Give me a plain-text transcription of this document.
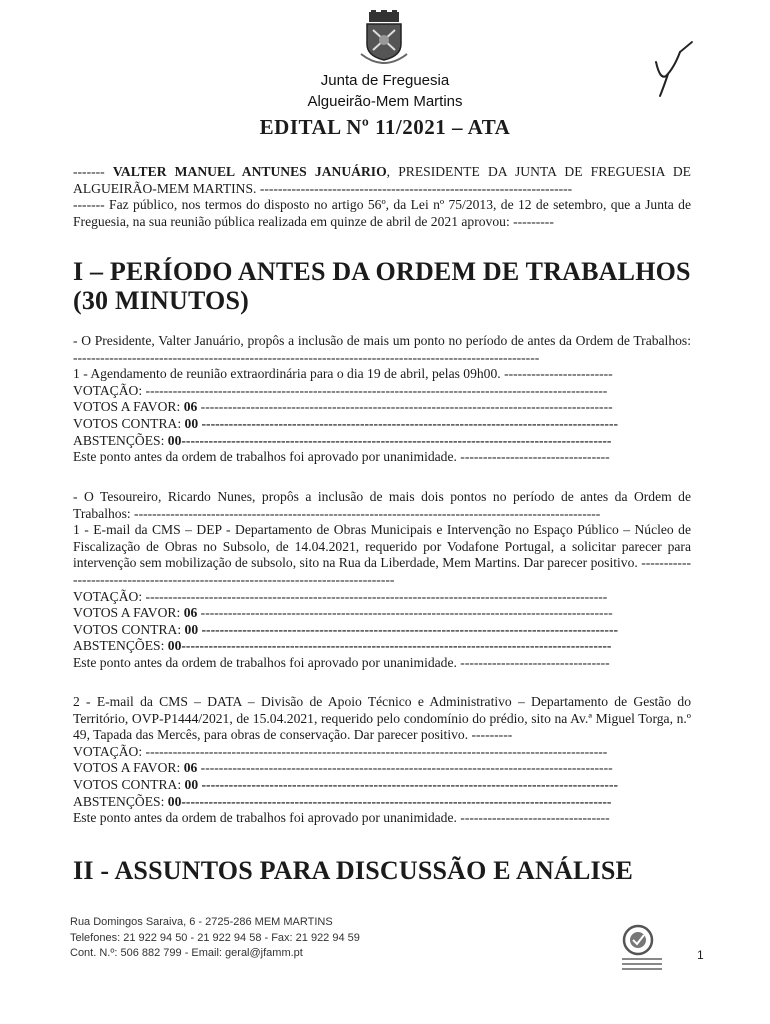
Junta de Freguesia
Algueirão-Mem Martins
EDITAL Nº 11/2021 – ATA

------- VALTER MANUEL ANTUNES JANUÁRIO, PRESIDENTE DA JUNTA DE FREGUESIA DE ALGUEIRÃO-MEM MARTINS. ---------------------------------------------------------------------

------- Faz público, nos termos do disposto no artigo 56º, da Lei nº 75/2013, de 12 de setembro, que a Junta de Freguesia, na sua reunião pública realizada em quinze de abril de 2021 aprovou: ---------

I – PERÍODO ANTES DA ORDEM DE TRABALHOS
(30 MINUTOS)

- O Presidente, Valter Januário, propôs a inclusão de mais um ponto no período de antes da Ordem de Trabalhos: -------------------------------------------------------------------------------------------------------

1 - Agendamento de reunião extraordinária para o dia 19 de abril, pelas 09h00. ------------------------

VOTAÇÃO: ------------------------------------------------------------------------------------------------------

VOTOS A FAVOR: 06 -------------------------------------------------------------------------------------------

VOTOS CONTRA: 00 --------------------------------------------------------------------------------------------

ABSTENÇÕES: 00-----------------------------------------------------------------------------------------------

Este ponto antes da ordem de trabalhos foi aprovado por unanimidade. ---------------------------------

- O Tesoureiro, Ricardo Nunes, propôs a inclusão de mais dois pontos no período de antes da Ordem de Trabalhos: -------------------------------------------------------------------------------------------------------

1 - E-mail da CMS – DEP - Departamento de Obras Municipais e Intervenção no Espaço Público – Núcleo de Fiscalização de Obras no Subsolo, de 14.04.2021, requerido por Vodafone Portugal, a solicitar parecer para intervenção sem mobilização de subsolo, sito na Rua da Liberdade, Mem Martins. Dar parecer positivo. ----------------------------------------------------------------------------------

VOTAÇÃO: ------------------------------------------------------------------------------------------------------

VOTOS A FAVOR: 06 -------------------------------------------------------------------------------------------

VOTOS CONTRA: 00 --------------------------------------------------------------------------------------------

ABSTENÇÕES: 00-----------------------------------------------------------------------------------------------

Este ponto antes da ordem de trabalhos foi aprovado por unanimidade. ---------------------------------

2 - E-mail da CMS – DATA – Divisão de Apoio Técnico e Administrativo – Departamento de Gestão do Território, OVP-P1444/2021, de 15.04.2021, requerido pelo condomínio do prédio, sito na Av.ª Miguel Torga, n.º 49, Tapada das Mercês, para obras de conservação. Dar parecer positivo. ---------

VOTAÇÃO: ------------------------------------------------------------------------------------------------------

VOTOS A FAVOR: 06 -------------------------------------------------------------------------------------------

VOTOS CONTRA: 00 --------------------------------------------------------------------------------------------

ABSTENÇÕES: 00-----------------------------------------------------------------------------------------------

Este ponto antes da ordem de trabalhos foi aprovado por unanimidade. ---------------------------------

II - ASSUNTOS PARA DISCUSSÃO E ANÁLISE
Rua Domingos Saraiva, 6 - 2725-286 MEM MARTINS
Telefones: 21 922 94 50 - 21 922 94 58 - Fax: 21 922 94 59
Cont. N.º: 506 882 799 - Email: geral@jfamm.pt	1
